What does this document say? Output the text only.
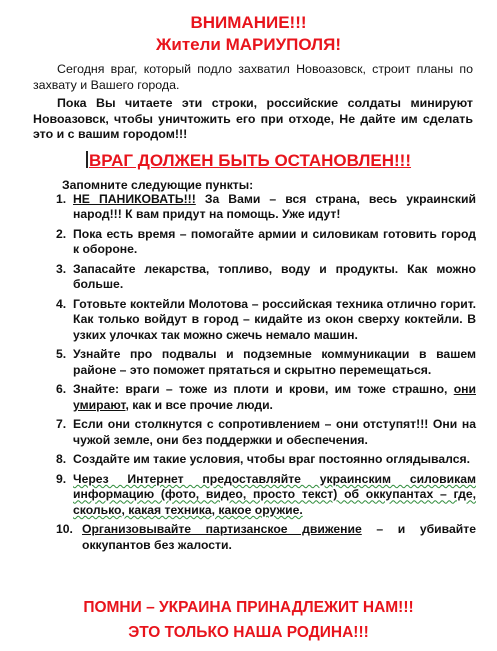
ВНИМАНИЕ!!!
Жители МАРИУПОЛЯ!
Сегодня враг, который подло захватил Новоазовск, строит планы по захвату и Вашего города.
Пока Вы читаете эти строки, российские солдаты минируют Новоазовск, чтобы уничтожить его при отходе, Не дайте им сделать это и с вашим городом!!!
ВРАГ ДОЛЖЕН БЫТЬ ОСТАНОВЛЕН!!!
Запомните следующие пункты:
1. НЕ ПАНИКОВАТЬ!!! За Вами – вся страна, весь украинский народ!!! К вам придут на помощь. Уже идут!
2. Пока есть время – помогайте армии и силовикам готовить город к обороне.
3. Запасайте лекарства, топливо, воду и продукты. Как можно больше.
4. Готовьте коктейли Молотова – российская техника отлично горит. Как только войдут в город – кидайте из окон сверху коктейли. В узких улочках так можно сжечь немало машин.
5. Узнайте про подвалы и подземные коммуникации в вашем районе – это поможет прятаться и скрытно перемещаться.
6. Знайте: враги – тоже из плоти и крови, им тоже страшно, они умирают, как и все прочие люди.
7. Если они столкнутся с сопротивлением – они отступят!!! Они на чужой земле, они без поддержки и обеспечения.
8. Создайте им такие условия, чтобы враг постоянно оглядывался.
9. Через Интернет предоставляйте украинским силовикам информацию (фото, видео, просто текст) об оккупантах – где, сколько, какая техника, какое оружие.
10. Организовывайте партизанское движение – и убивайте оккупантов без жалости.
ПОМНИ – УКРАИНА ПРИНАДЛЕЖИТ НАМ!!!
ЭТО ТОЛЬКО НАША РОДИНА!!!
